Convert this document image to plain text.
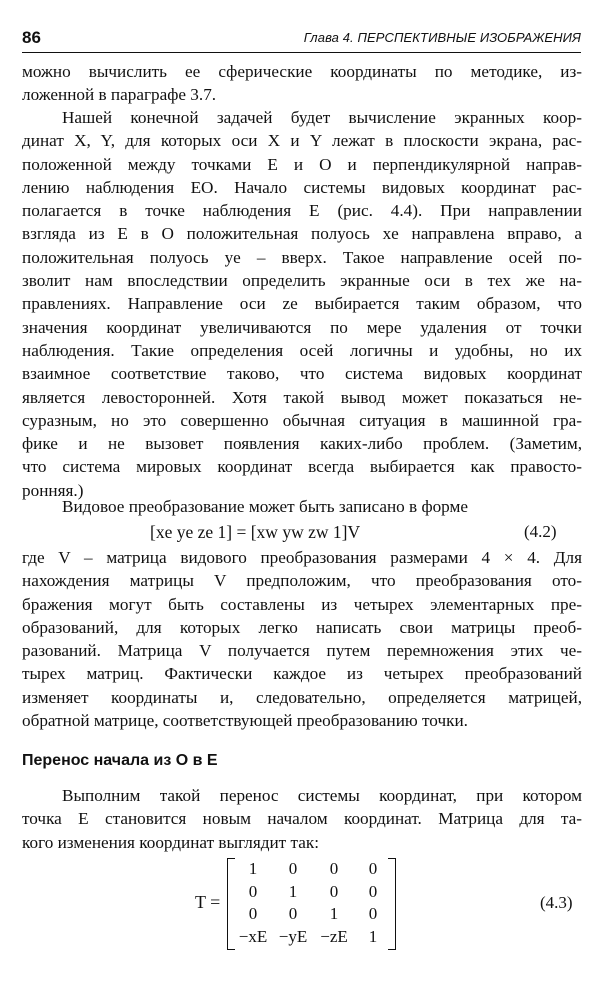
86	Глава 4. ПЕРСПЕКТИВНЫЕ ИЗОБРАЖЕНИЯ
можно вычислить ее сферические координаты по методике, из-
ложенной в параграфе 3.7.
Нашей конечной задачей будет вычисление экранных коор-
динат X, Y, для которых оси X и Y лежат в плоскости экрана, рас-
положенной между точками E и O и перпендикулярной направ-
лению наблюдения EO. Начало системы видовых координат рас-
полагается в точке наблюдения E (рис. 4.4). При направлении
взгляда из E в O положительная полуось xe направлена вправо, а
положительная полуось ye – вверх. Такое направление осей по-
зволит нам впоследствии определить экранные оси в тех же на-
правлениях. Направление оси ze выбирается таким образом, что
значения координат увеличиваются по мере удаления от точки
наблюдения. Такие определения осей логичны и удобны, но их
взаимное соответствие таково, что система видовых координат
является левосторонней. Хотя такой вывод может показаться не-
суразным, но это совершенно обычная ситуация в машинной гра-
фике и не вызовет появления каких-либо проблем. (Заметим,
что система мировых координат всегда выбирается как правосто-
ронняя.)
Видовое преобразование может быть записано в форме
[xe ye ze 1] = [xw yw zw 1]V	(4.2)
где V – матрица видового преобразования размерами 4 × 4. Для
нахождения матрицы V предположим, что преобразования ото-
бражения могут быть составлены из четырех элементарных пре-
образований, для которых легко написать свои матрицы преоб-
разований. Матрица V получается путем перемножения этих че-
тырех матриц. Фактически каждое из четырех преобразований
изменяет координаты и, следовательно, определяется матрицей,
обратной матрице, соответствующей преобразованию точки.
Перенос начала из O в E
Выполним такой перенос системы координат, при котором
точка E становится новым началом координат. Матрица для та-
кого изменения координат выглядит так:
T =
1	0	0	0
0	1	0	0
0	0	1	0
−xE −yE −zE	1
(4.3)
